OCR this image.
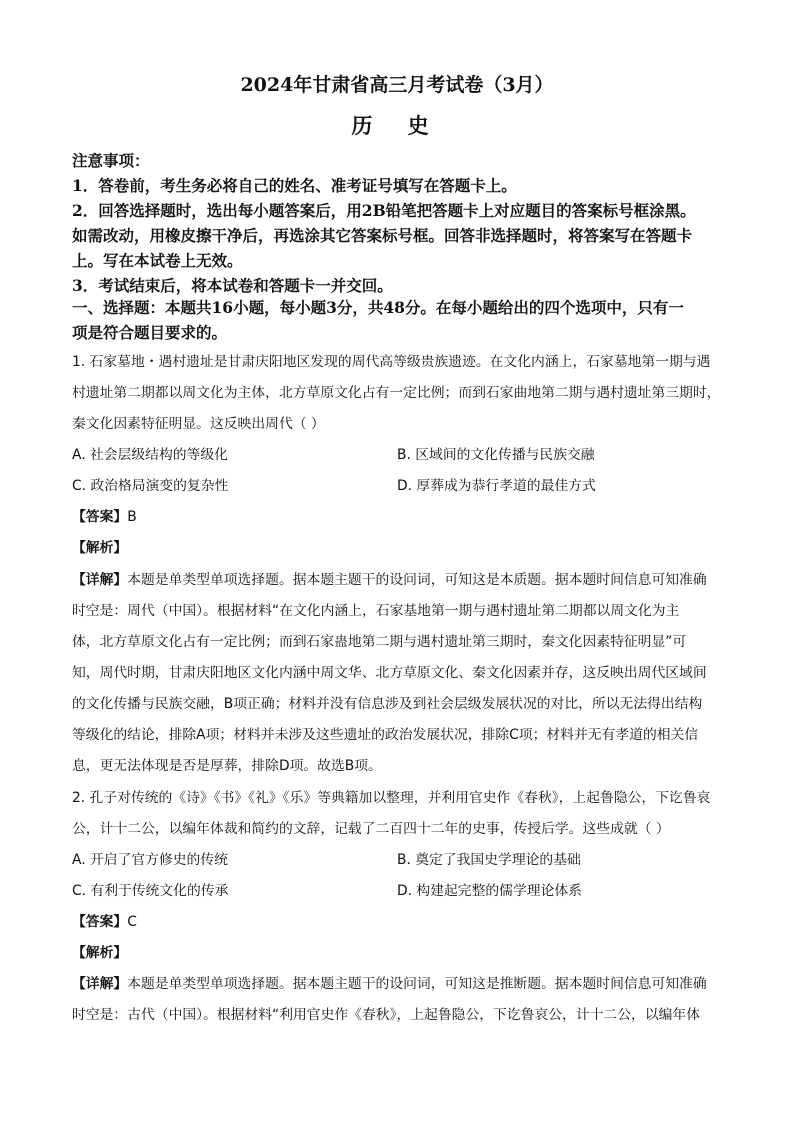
2024年甘肃省高三月考试卷（3月）
历 史
注意事项：
1．答卷前，考生务必将自己的姓名、准考证号填写在答题卡上。
2．回答选择题时，选出每小题答案后，用2B铅笔把答题卡上对应题目的答案标号框涂黑。
如需改动，用橡皮擦干净后，再选涂其它答案标号框。回答非选择题时，将答案写在答题卡
上。写在本试卷上无效。
3．考试结束后，将本试卷和答题卡一并交回。
一、选择题：本题共16小题，每小题3分，共48分。在每小题给出的四个选项中，只有一
项是符合题目要求的。
1. 石家墓地・遇村遗址是甘肃庆阳地区发现的周代高等级贵族遗迹。在文化内涵上，石家墓地第一期与遇
村遗址第二期都以周文化为主体，北方草原文化占有一定比例；而到石家曲地第二期与遇村遗址第三期时，
秦文化因素特征明显。这反映出周代（ ）
A. 社会层级结构的等级化	B. 区域间的文化传播与民族交融
C. 政治格局演变的复杂性	D. 厚葬成为恭行孝道的最佳方式
【答案】B
【解析】
【详解】本题是单类型单项选择题。据本题主题干的设问词，可知这是本质题。据本题时间信息可知准确
时空是：周代（中国）。根据材料“在文化内涵上，石家基地第一期与遇村遗址第二期都以周文化为主
体，北方草原文化占有一定比例；而到石家蛊地第二期与遇村遗址第三期时，秦文化因素特征明显”可
知，周代时期，甘肃庆阳地区文化内涵中周文华、北方草原文化、秦文化因素并存，这反映出周代区域间
的文化传播与民族交融，B项正确；材料并没有信息涉及到社会层级发展状况的对比，所以无法得出结构
等级化的结论，排除A项；材料并未涉及这些遗址的政治发展状况，排除C项；材料并无有孝道的相关信
息，更无法体现是否是厚葬，排除D项。故选B项。
2. 孔子对传统的《诗》《书》《礼》《乐》等典籍加以整理，并利用官史作《春秋》，上起鲁隐公，下讫鲁哀
公，计十二公，以编年体裁和简约的文辞，记载了二百四十二年的史事，传授后学。这些成就（ ）
A. 开启了官方修史的传统	B. 奠定了我国史学理论的基础
C. 有利于传统文化的传承	D. 构建起完整的儒学理论体系
【答案】C
【解析】
【详解】本题是单类型单项选择题。据本题主题干的设问词，可知这是推断题。据本题时间信息可知准确
时空是：古代（中国）。根据材料“利用官史作《春秋》，上起鲁隐公，下讫鲁哀公，计十二公，以编年体
